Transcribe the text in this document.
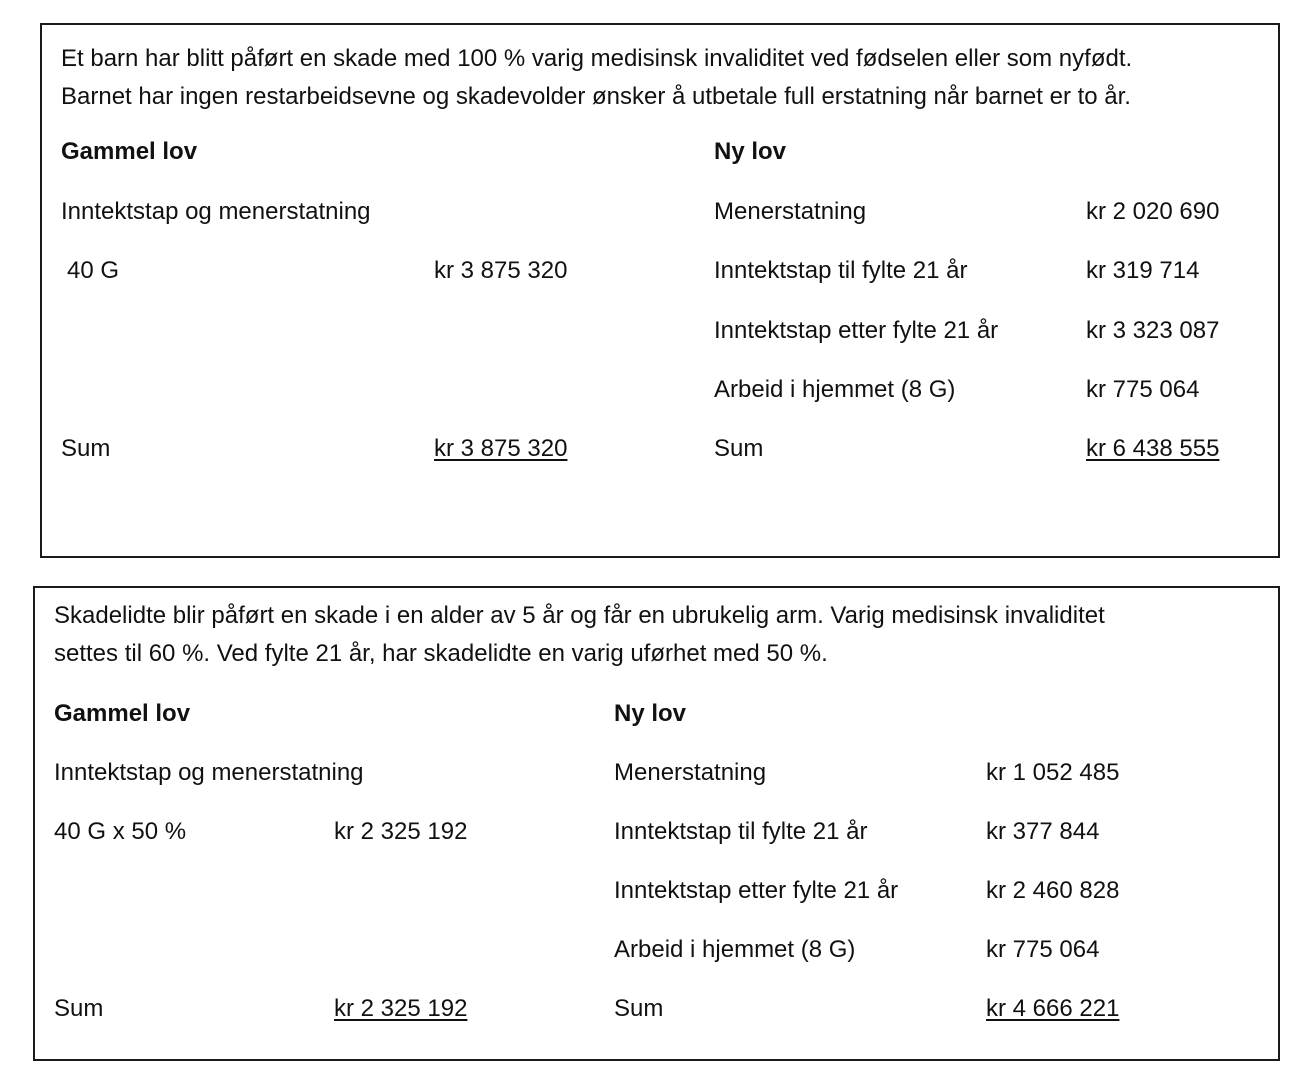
Et barn har blitt påført en skade med 100 % varig medisinsk invaliditet ved fødselen eller som nyfødt.
Barnet har ingen restarbeidsevne og skadevolder ønsker å utbetale full erstatning når barnet er to år.
Gammel lov
Inntektstap og menerstatning
40 G	kr 3 875 320
Sum	kr 3 875 320
Ny lov
Menerstatning	kr 2 020 690
Inntektstap til fylte 21 år	kr 319 714
Inntektstap etter fylte 21 år	kr 3 323 087
Arbeid i hjemmet (8 G)	kr 775 064
Sum	kr 6 438 555
Skadelidte blir påført en skade i en alder av 5 år og får en ubrukelig arm. Varig medisinsk invaliditet
settes til 60 %. Ved fylte 21 år, har skadelidte en varig uførhet med 50 %.
Gammel lov
Inntektstap og menerstatning
40 G x 50 %	kr 2 325 192
Sum	kr 2 325 192
Ny lov
Menerstatning	kr 1 052 485
Inntektstap til fylte 21 år	kr 377 844
Inntektstap etter fylte 21 år	kr 2 460 828
Arbeid i hjemmet (8 G)	kr 775 064
Sum	kr 4 666 221
